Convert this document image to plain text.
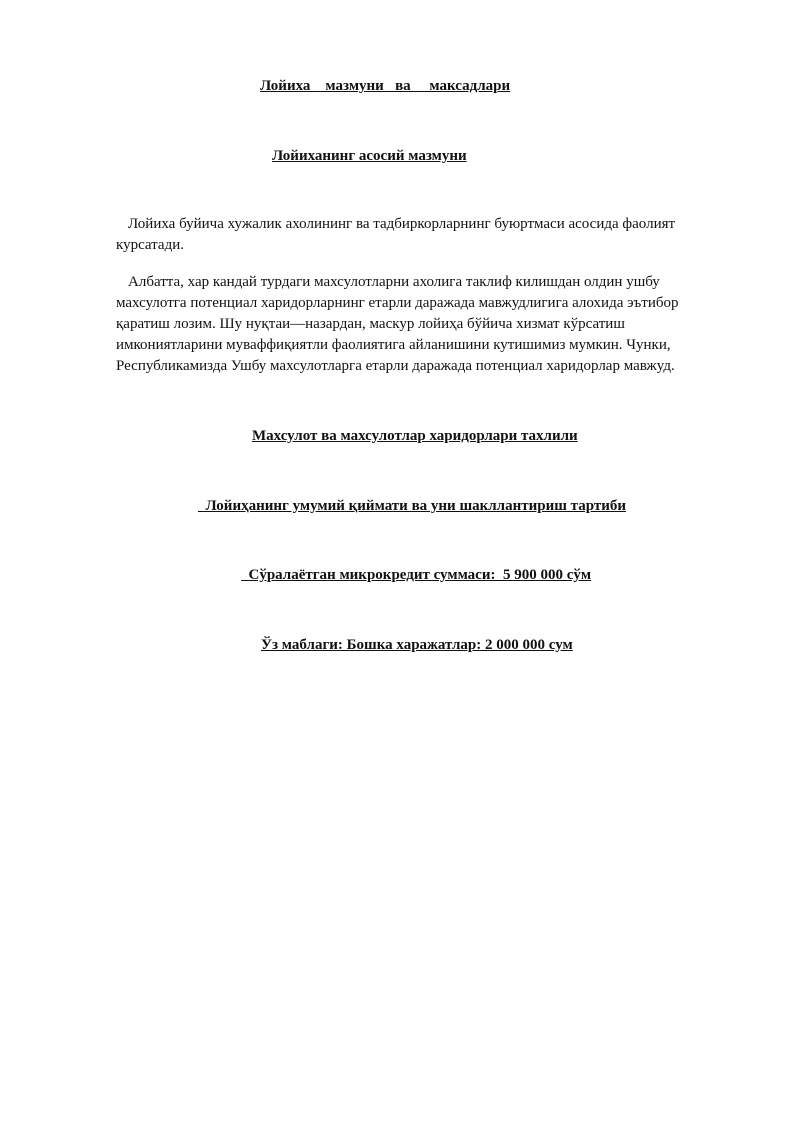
Лойиха    мазмуни   ва     максадлари
Лойиханинг асосий мазмуни

Лойиха буйича хужалик ахолининг ва тадбиркорларнинг буюртмаси асосида фаолият курсатади.

Албатта, хар кандай турдаги махсулотларни ахолига таклиф килишдан олдин ушбу махсулотга потенциал харидорларнинг етарли даражада мавжудлигига алохида эътибор қаратиш лозим. Шу нуқтаи—назардан, маскур лойиҳа бўйича хизмат кўрсатиш имкониятларини муваффиқиятли фаолиятига айланишини кутишимиз мумкин. Чунки, Республикамизда Ушбу махсулотларга етарли даражада потенциал харидорлар мавжуд.

Махсулот ва махсулотлар харидорлари тахлили
Лойиҳанинг умумий қиймати ва уни шакллантириш тартиби
Сўралаётган микрокредит суммаси:  5 900 000 сўм
Ўз маблаги: Бошка харажатлар: 2 000 000 сум
